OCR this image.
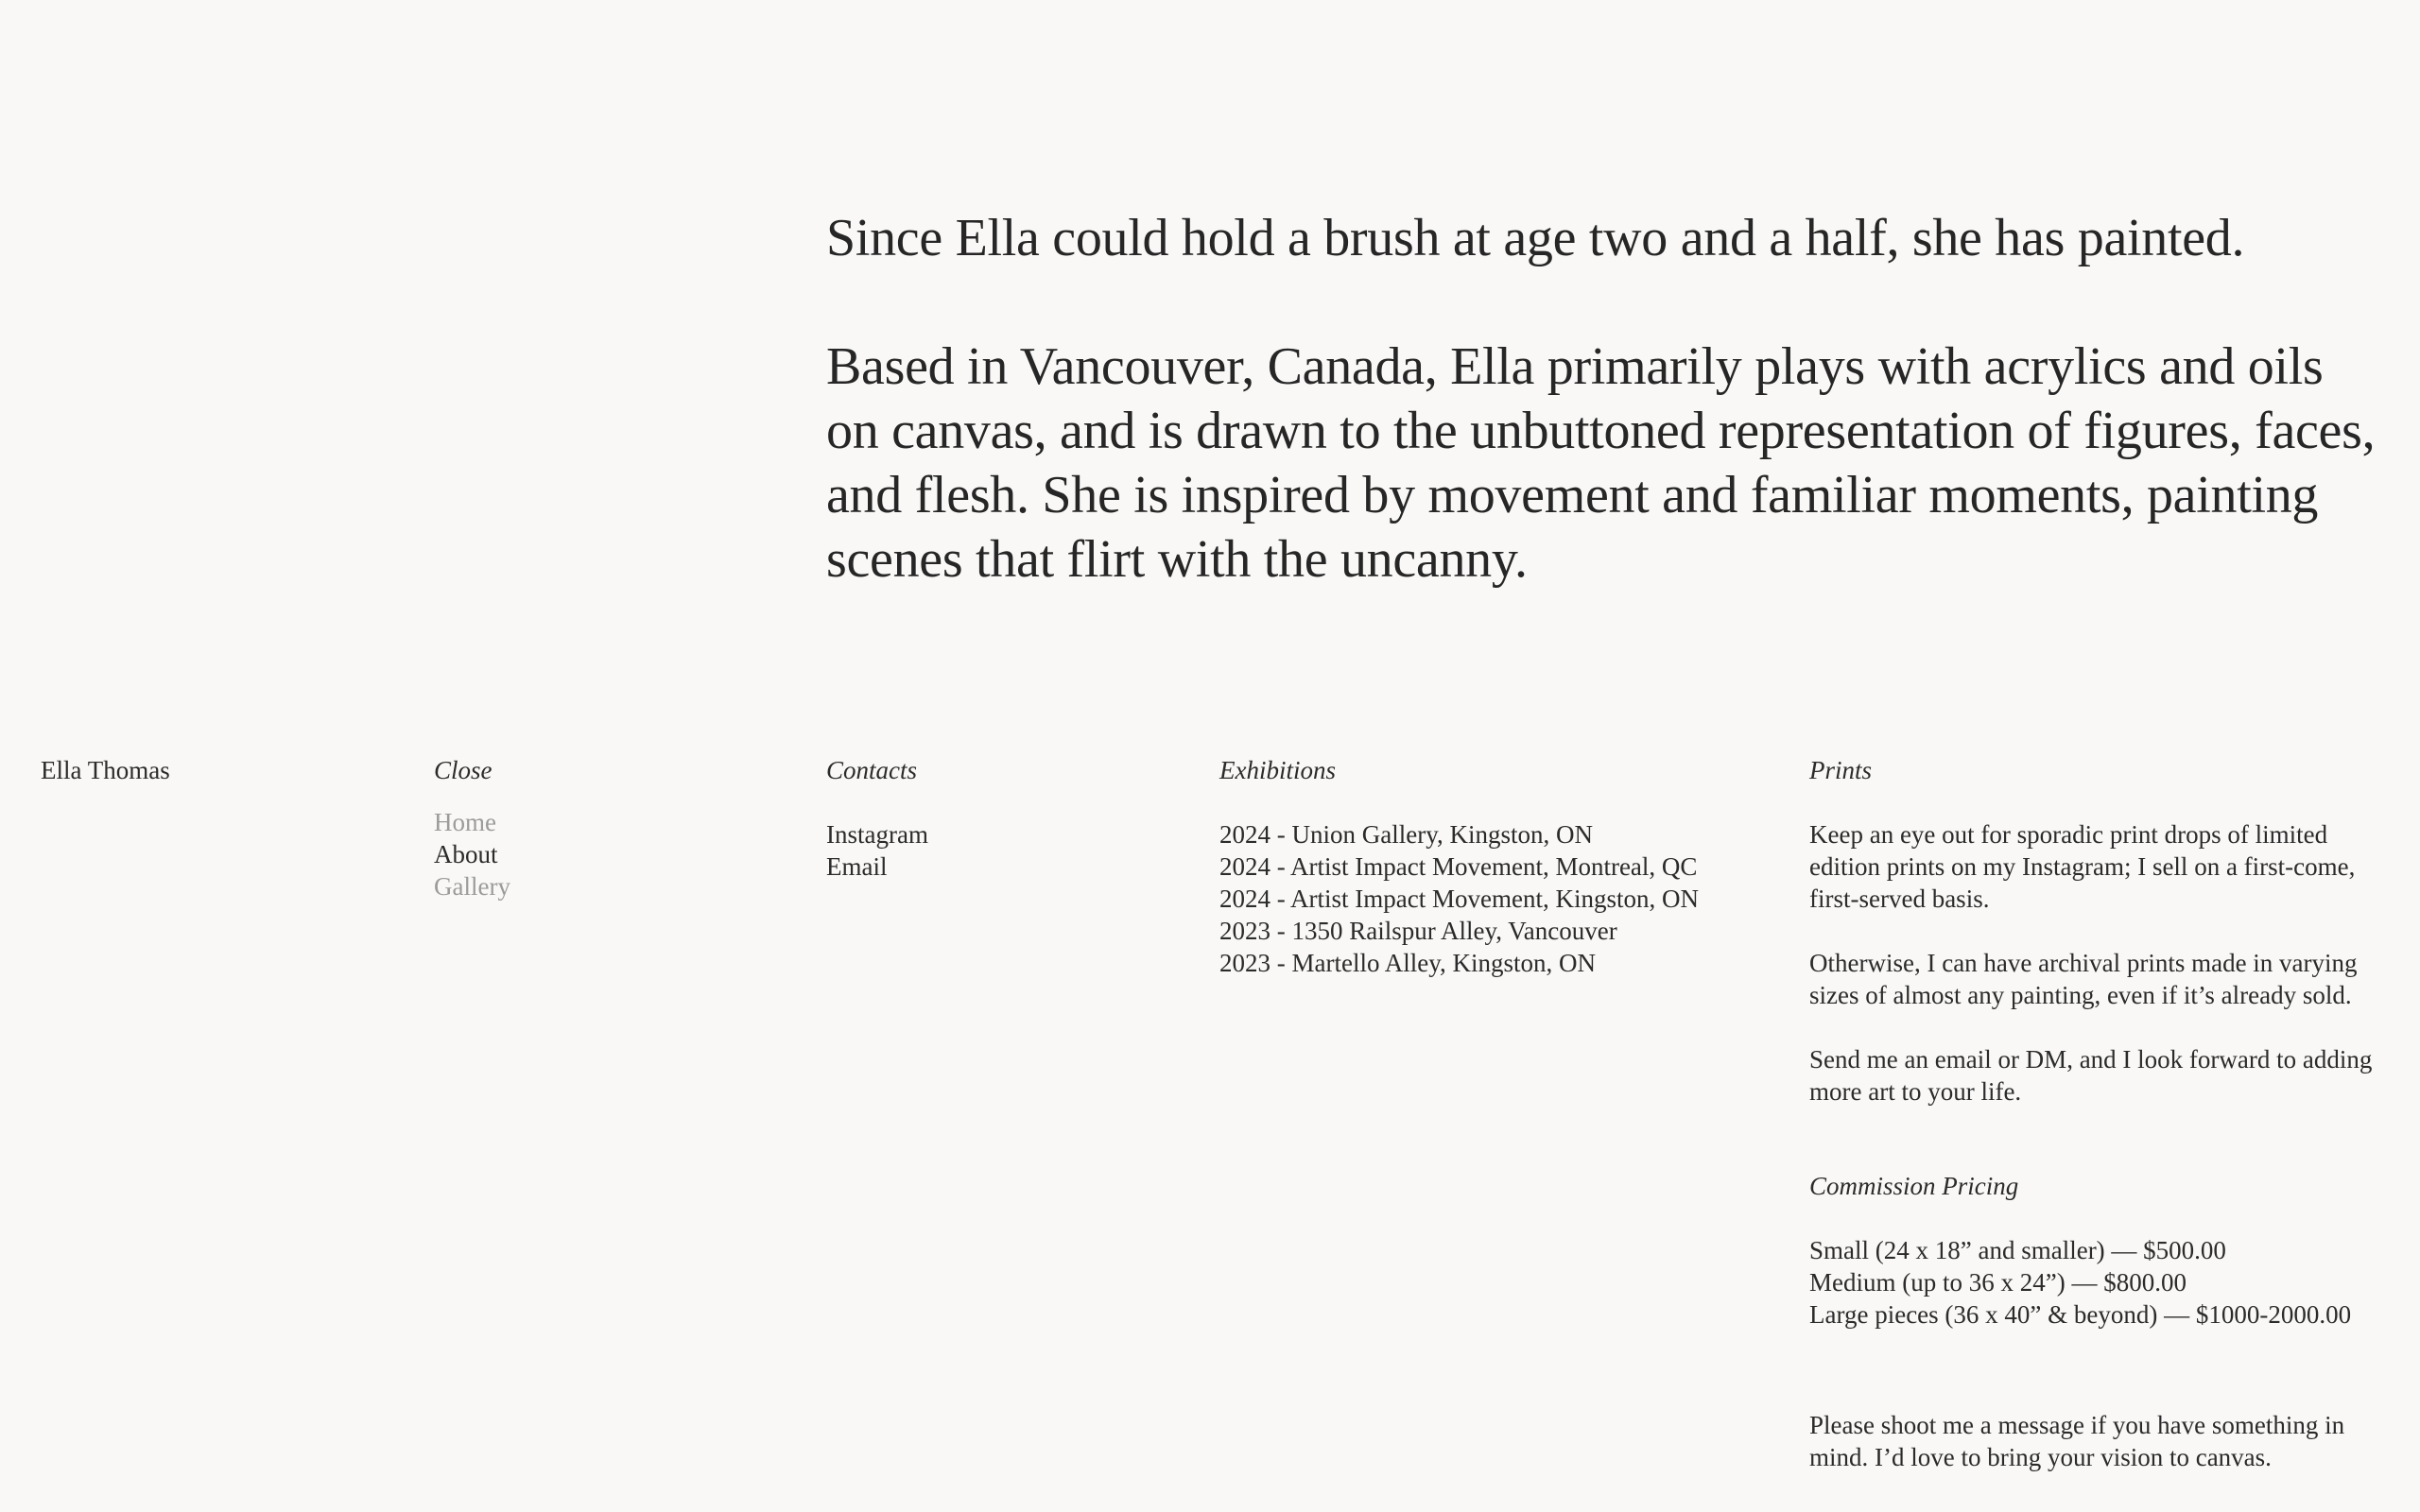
Since Ella could hold a brush at age two and a half, she has painted.

Based in Vancouver, Canada, Ella primarily plays with acrylics and oils on canvas, and is drawn to the unbuttoned representation of figures, faces, and flesh. She is inspired by movement and familiar moments, painting scenes that flirt with the uncanny.

Ella Thomas	Close
Home
About
Gallery
Contacts
Instagram
Email
Exhibitions
2024 - Union Gallery, Kingston, ON
2024 - Artist Impact Movement, Montreal, QC
2024 - Artist Impact Movement, Kingston, ON
2023 - 1350 Railspur Alley, Vancouver
2023 - Martello Alley, Kingston, ON
Prints

Keep an eye out for sporadic print drops of limited edition prints on my Instagram; I sell on a first-come, first-served basis.

Otherwise, I can have archival prints made in varying sizes of almost any painting, even if it’s already sold.

Send me an email or DM, and I look forward to adding more art to your life.

Commission Pricing
Small (24 x 18” and smaller) — $500.00
Medium (up to 36 x 24”) — $800.00
Large pieces (36 x 40” & beyond) — $1000-2000.00

Please shoot me a message if you have something in mind. I’d love to bring your vision to canvas.
